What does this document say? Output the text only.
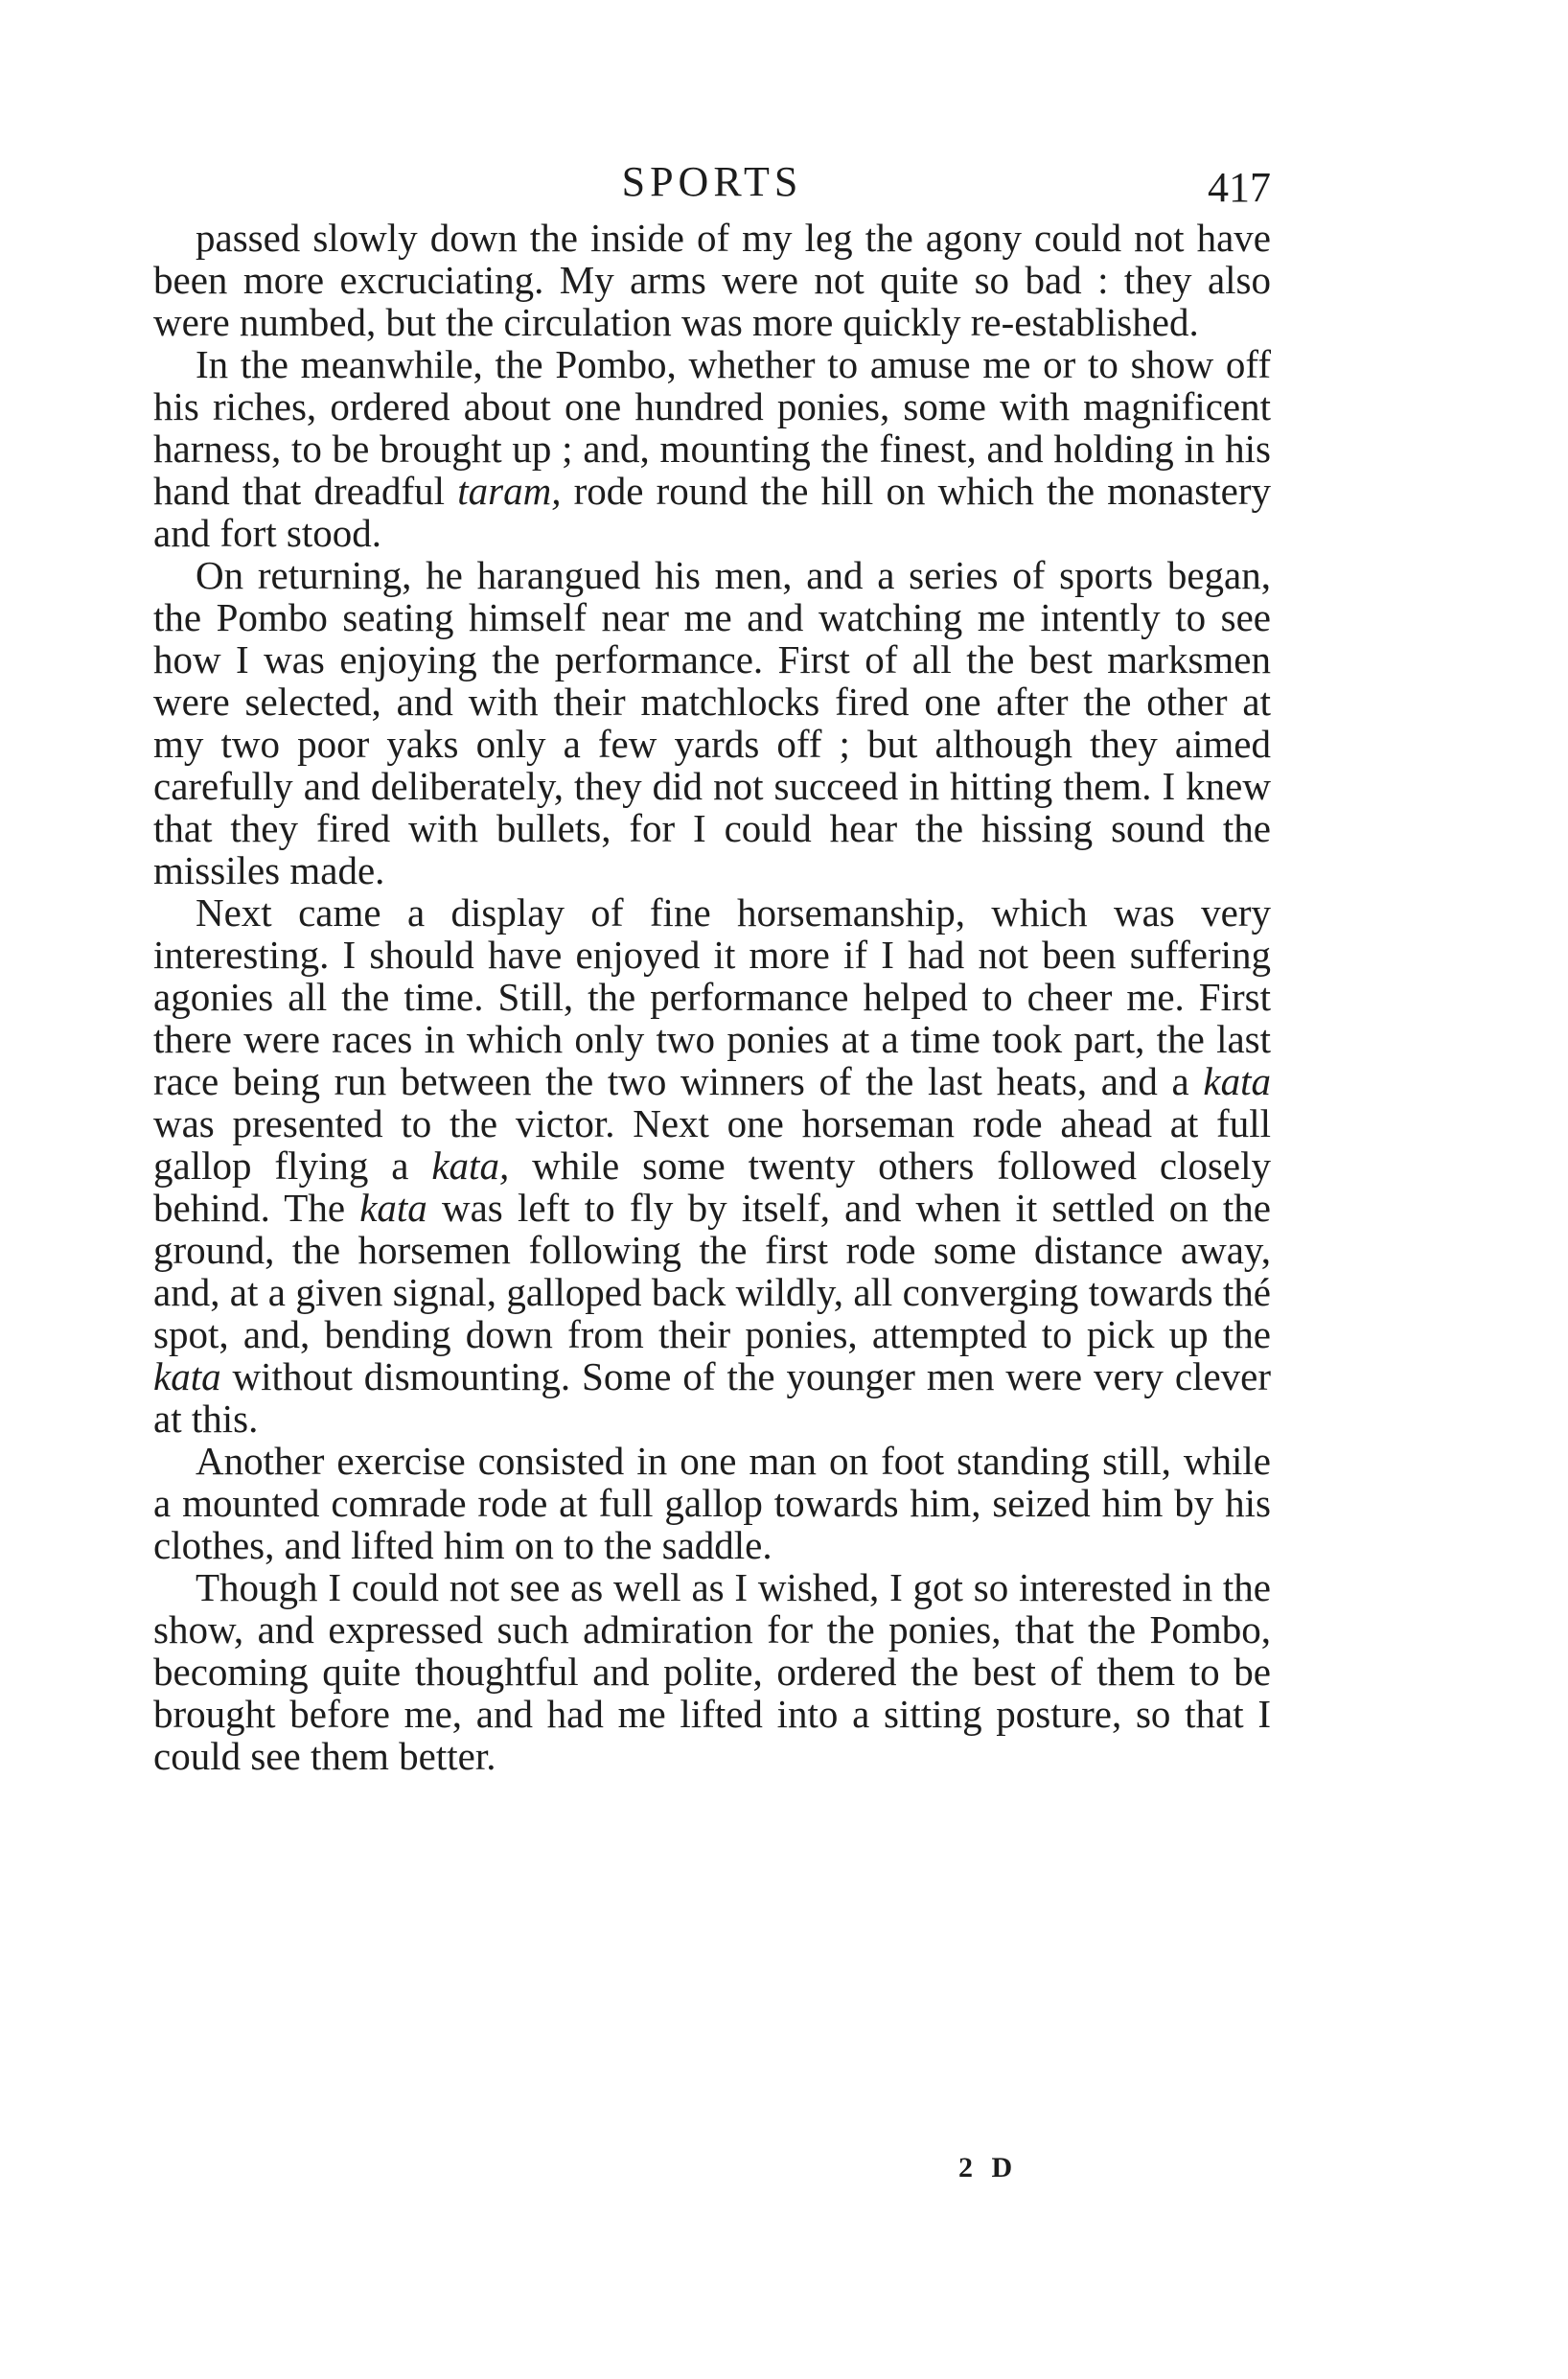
SPORTS	417

passed slowly down the inside of my leg the agony could not have been more excruciating. My arms were not quite so bad : they also were numbed, but the circulation was more quickly re-established.

In the meanwhile, the Pombo, whether to amuse me or to show off his riches, ordered about one hundred ponies, some with magnificent harness, to be brought up ; and, mounting the finest, and holding in his hand that dreadful taram, rode round the hill on which the monastery and fort stood.

On returning, he harangued his men, and a series of sports began, the Pombo seating himself near me and watching me intently to see how I was enjoying the performance. First of all the best marksmen were selected, and with their matchlocks fired one after the other at my two poor yaks only a few yards off ; but although they aimed carefully and deliberately, they did not succeed in hitting them. I knew that they fired with bullets, for I could hear the hissing sound the missiles made.

Next came a display of fine horsemanship, which was very interesting. I should have enjoyed it more if I had not been suffering agonies all the time. Still, the performance helped to cheer me. First there were races in which only two ponies at a time took part, the last race being run between the two winners of the last heats, and a kata was presented to the victor. Next one horseman rode ahead at full gallop flying a kata, while some twenty others followed closely behind. The kata was left to fly by itself, and when it settled on the ground, the horsemen following the first rode some distance away, and, at a given signal, galloped back wildly, all converging towards thé spot, and, bending down from their ponies, attempted to pick up the kata without dismounting. Some of the younger men were very clever at this.

Another exercise consisted in one man on foot standing still, while a mounted comrade rode at full gallop towards him, seized him by his clothes, and lifted him on to the saddle.

Though I could not see as well as I wished, I got so interested in the show, and expressed such admiration for the ponies, that the Pombo, becoming quite thoughtful and polite, ordered the best of them to be brought before me, and had me lifted into a sitting posture, so that I could see them better.

2 D
